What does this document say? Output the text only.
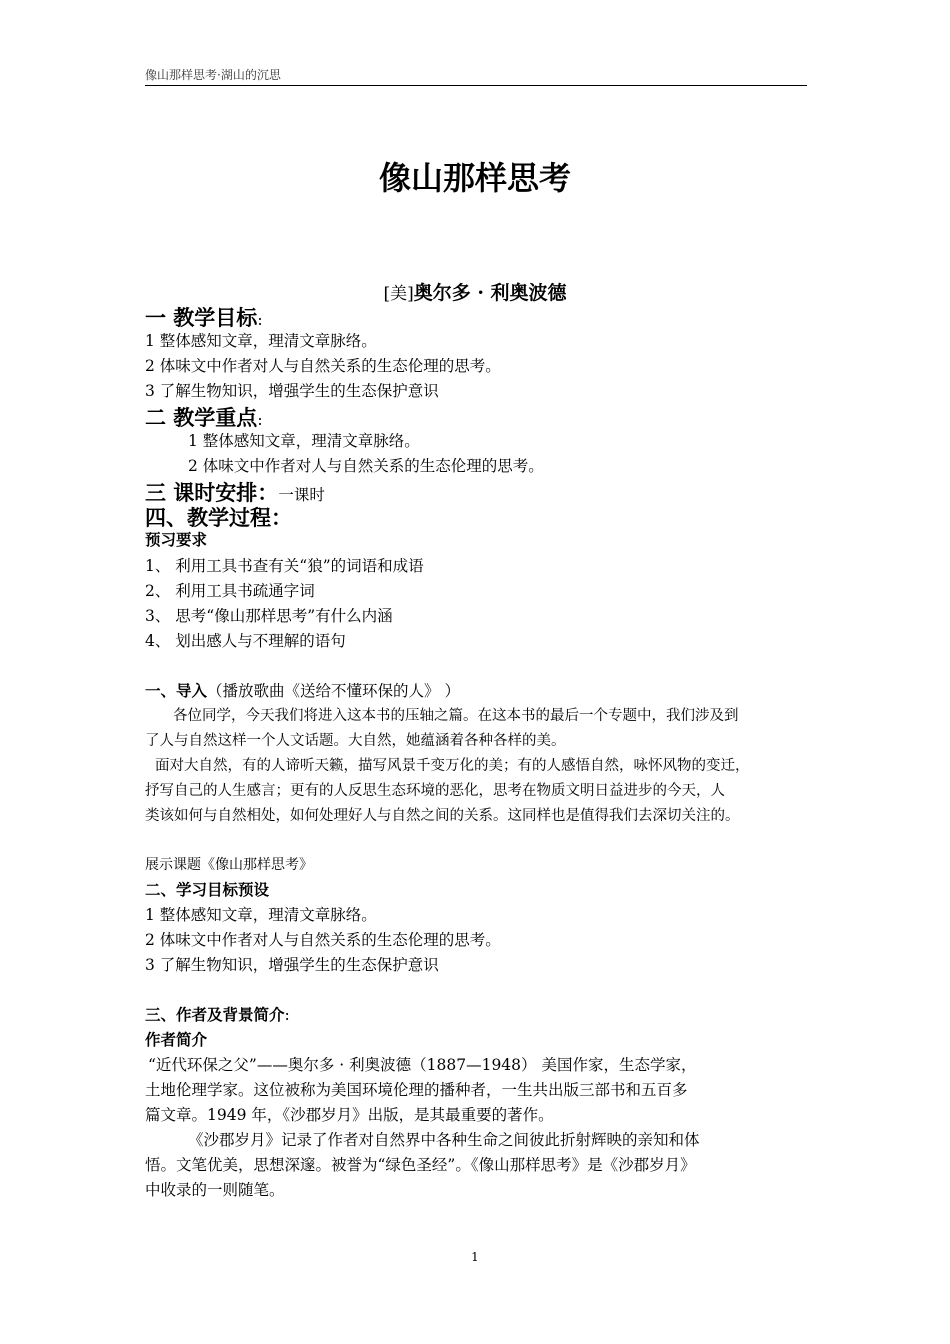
像山那样思考·湖山的沉思
像山那样思考
[美]奥尔多 · 利奥波德
一 教学目标:
1 整体感知文章，理清文章脉络。
2 体味文中作者对人与自然关系的生态伦理的思考。
3 了解生物知识，增强学生的生态保护意识
二 教学重点:
1 整体感知文章，理清文章脉络。
2 体味文中作者对人与自然关系的生态伦理的思考。
三 课时安排：一课时
四、教学过程：
预习要求
1、 利用工具书查有关“狼”的词语和成语
2、 利用工具书疏通字词
3、 思考“像山那样思考”有什么内涵
4、 划出感人与不理解的语句
一、导入（播放歌曲《送给不懂环保的人》 ）
各位同学，今天我们将进入这本书的压轴之篇。在这本书的最后一个专题中，我们涉及到
了人与自然这样一个人文话题。大自然，她蕴涵着各种各样的美。
面对大自然，有的人谛听天籁，描写风景千变万化的美；有的人感悟自然，咏怀风物的变迁，
抒写自己的人生感言；更有的人反思生态环境的恶化，思考在物质文明日益进步的今天，人
类该如何与自然相处，如何处理好人与自然之间的关系。这同样也是值得我们去深切关注的。
展示课题《像山那样思考》
二、学习目标预设
1 整体感知文章，理清文章脉络。
2 体味文中作者对人与自然关系的生态伦理的思考。
3 了解生物知识，增强学生的生态保护意识
三、作者及背景简介:
作者简介
“近代环保之父”——奥尔多 · 利奥波德（1887—1948） 美国作家，生态学家，
土地伦理学家。这位被称为美国环境伦理的播种者，一生共出版三部书和五百多
篇文章。1949 年，《沙郡岁月》出版，是其最重要的著作。
《沙郡岁月》记录了作者对自然界中各种生命之间彼此折射辉映的亲知和体
悟。文笔优美，思想深邃。被誉为“绿色圣经”。《像山那样思考》是《沙郡岁月》
中收录的一则随笔。
1
